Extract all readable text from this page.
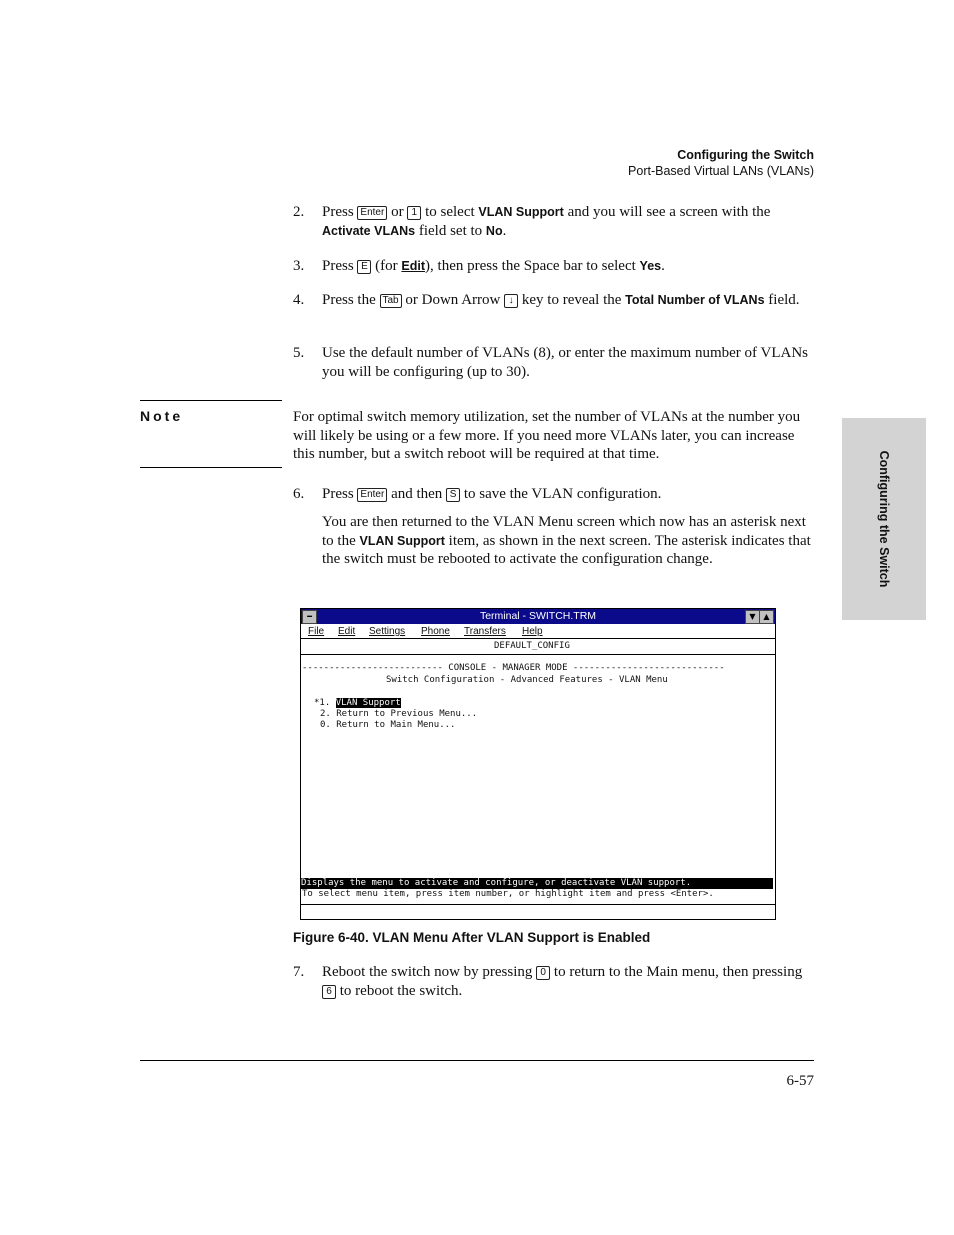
Configuring the Switch
Port-Based Virtual LANs (VLANs)
Configuring the Switch
2. Press Enter or 1 to select VLAN Support and you will see a screen with the Activate VLANs field set to No.
3. Press E (for Edit), then press the Space bar to select Yes.
4. Press the Tab or Down Arrow ↓ key to reveal the Total Number of VLANs field.
5. Use the default number of VLANs (8), or enter the maximum number of VLANs you will be configuring (up to 30).
Note	For optimal switch memory utilization, set the number of VLANs at the number you will likely be using or a few more. If you need more VLANs later, you can increase this number, but a switch reboot will be required at that time.
6. Press Enter and then S to save the VLAN configuration.
You are then returned to the VLAN Menu screen which now has an asterisk next to the VLAN Support item, as shown in the next screen. The asterisk indicates that the switch must be rebooted to activate the configuration change.
━	Terminal - SWITCH.TRM	▼ ▲
File Edit Settings Phone Transfers Help
DEFAULT_CONFIG
-------------------------- CONSOLE - MANAGER MODE ----------------------------
Switch Configuration - Advanced Features - VLAN Menu
*1. VLAN Support
2. Return to Previous Menu...
0. Return to Main Menu...
Displays the menu to activate and configure, or deactivate VLAN support.
To select menu item, press item number, or highlight item and press <Enter>.
Figure 6-40. VLAN Menu After VLAN Support is Enabled
7. Reboot the switch now by pressing 0 to return to the Main menu, then pressing 6 to reboot the switch.
6-57
